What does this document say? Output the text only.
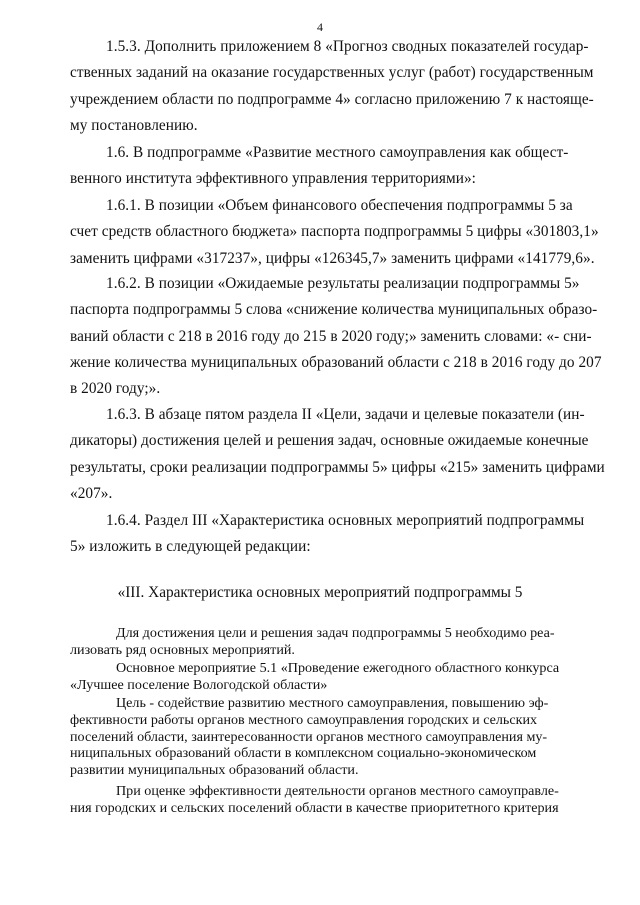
4
1.5.3. Дополнить приложением 8 «Прогноз сводных показателей государ-
ственных заданий на оказание государственных услуг (работ) государственным
учреждением области по подпрограмме 4» согласно приложению 7 к настояще-
му постановлению.
1.6. В подпрограмме «Развитие местного самоуправления как общест-
венного института эффективного управления территориями»:
1.6.1. В позиции «Объем финансового обеспечения подпрограммы 5 за
счет средств областного бюджета» паспорта подпрограммы 5 цифры «301803,1»
заменить цифрами «317237», цифры «126345,7» заменить цифрами «141779,6».
1.6.2. В позиции «Ожидаемые результаты реализации подпрограммы 5»
паспорта подпрограммы 5 слова «снижение количества муниципальных образо-
ваний области с 218 в 2016 году до 215 в 2020 году;» заменить словами: «- сни-
жение количества муниципальных образований области с 218 в 2016 году до 207
в 2020 году;».
1.6.3. В абзаце пятом раздела II «Цели, задачи и целевые показатели (ин-
дикаторы) достижения целей и решения задач, основные ожидаемые конечные
результаты, сроки реализации подпрограммы 5» цифры «215» заменить цифрами
«207».
1.6.4. Раздел III «Характеристика основных мероприятий подпрограммы
5» изложить в следующей редакции:
«III. Характеристика основных мероприятий подпрограммы 5
Для достижения цели и решения задач подпрограммы 5 необходимо реа-
лизовать ряд основных мероприятий.
Основное мероприятие 5.1 «Проведение ежегодного областного конкурса
«Лучшее поселение Вологодской области»
Цель - содействие развитию местного самоуправления, повышению эф-
фективности работы органов местного самоуправления городских и сельских
поселений области, заинтересованности органов местного самоуправления му-
ниципальных образований области в комплексном социально-экономическом
развитии муниципальных образований области.
При оценке эффективности деятельности органов местного самоуправле-
ния городских и сельских поселений области в качестве приоритетного критерия
